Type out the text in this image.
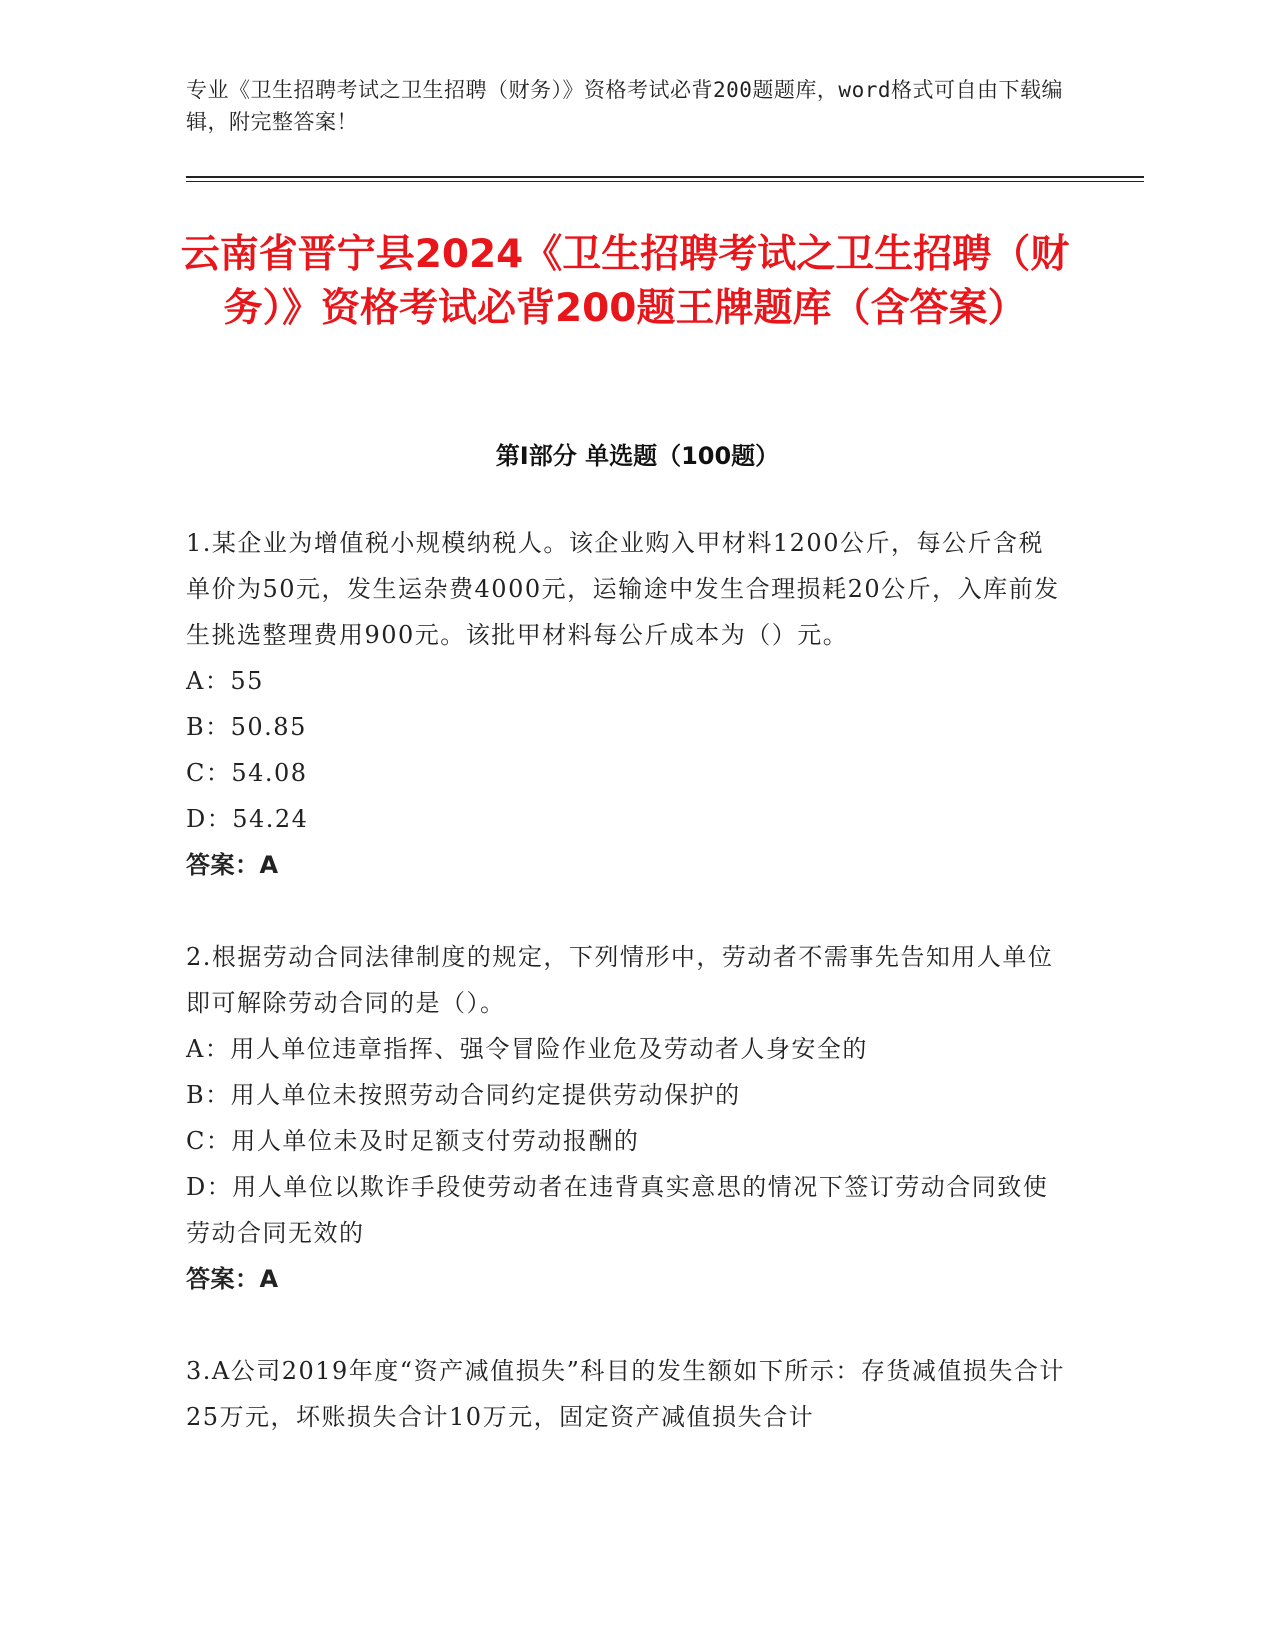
专业《卫生招聘考试之卫生招聘（财务）》资格考试必背200题题库，word格式可自由下载编辑，附完整答案！
云南省晋宁县2024《卫生招聘考试之卫生招聘（财务）》资格考试必背200题王牌题库（含答案）
第Ⅰ部分 单选题（100题）
1.某企业为增值税小规模纳税人。该企业购入甲材料1200公斤，每公斤含税单价为50元，发生运杂费4000元，运输途中发生合理损耗20公斤，入库前发生挑选整理费用900元。该批甲材料每公斤成本为（）元。
A：55
B：50.85
C：54.08
D：54.24
答案：A
2.根据劳动合同法律制度的规定，下列情形中，劳动者不需事先告知用人单位即可解除劳动合同的是（）。
A：用人单位违章指挥、强令冒险作业危及劳动者人身安全的
B：用人单位未按照劳动合同约定提供劳动保护的
C：用人单位未及时足额支付劳动报酬的
D：用人单位以欺诈手段使劳动者在违背真实意思的情况下签订劳动合同致使劳动合同无效的
答案：A
3.A公司2019年度“资产减值损失”科目的发生额如下所示：存货减值损失合计25万元，坏账损失合计10万元，固定资产减值损失合计
